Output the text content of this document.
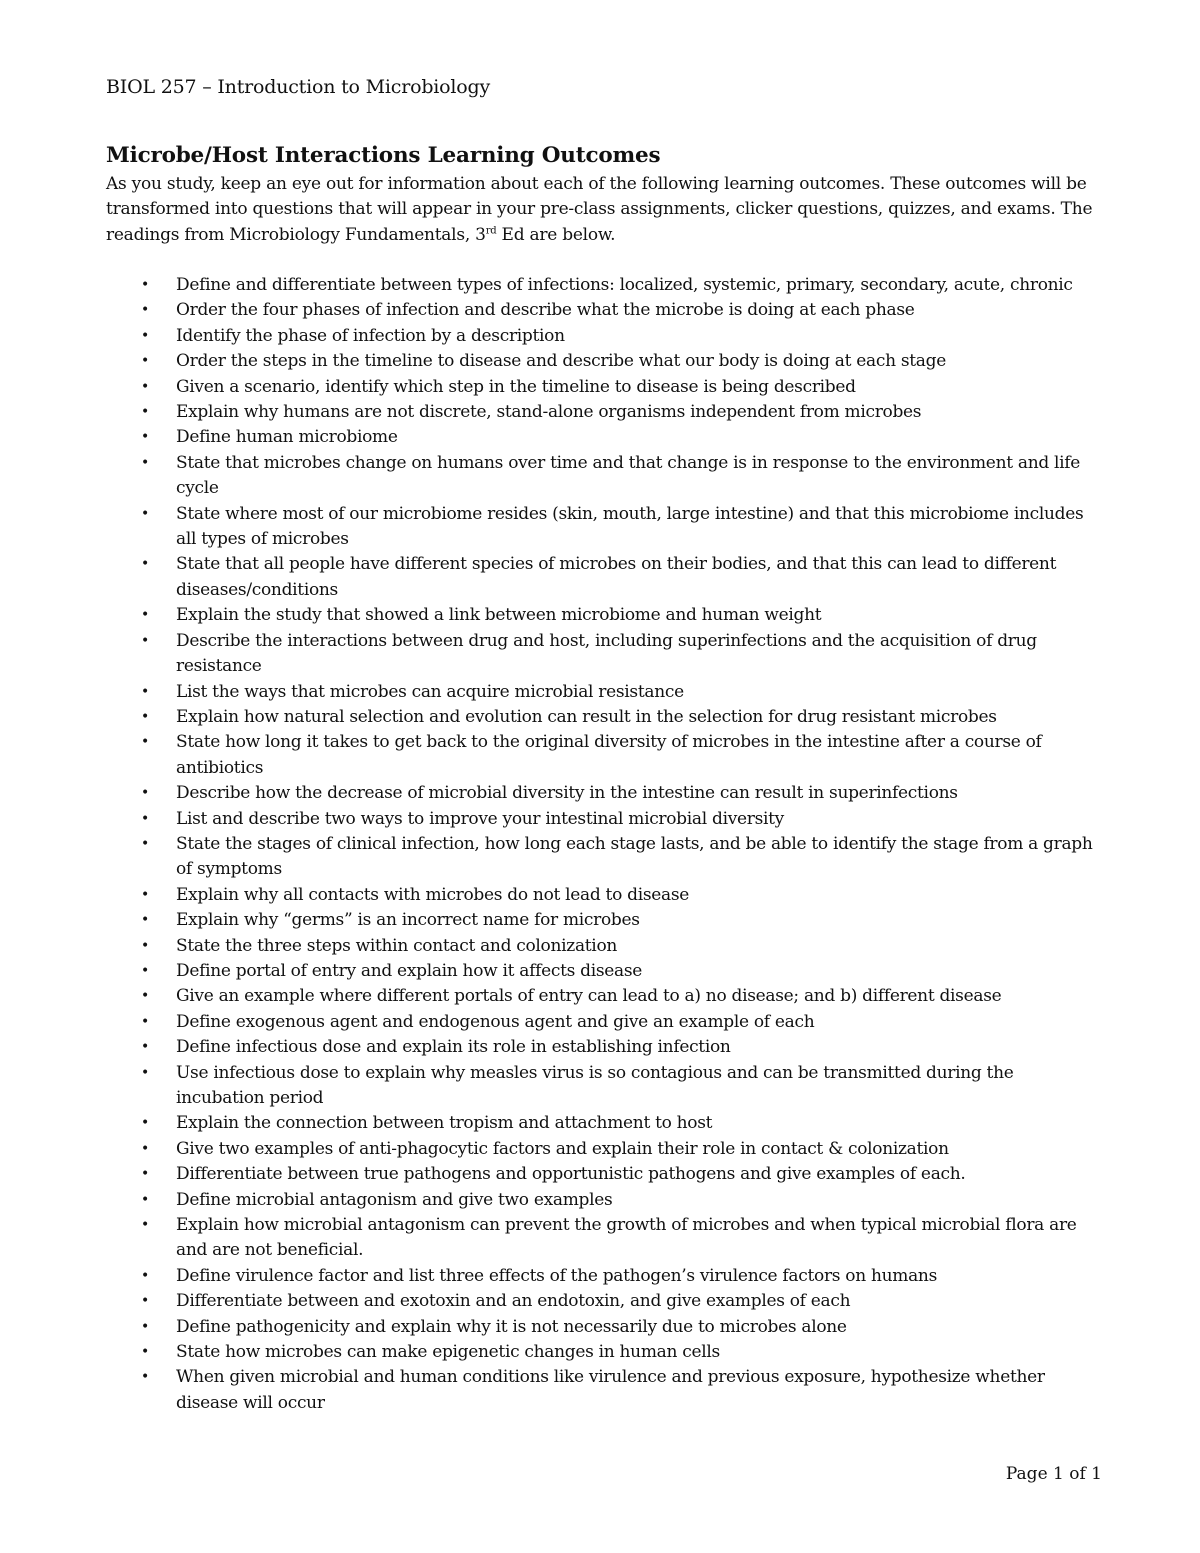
BIOL 257 – Introduction to Microbiology
Microbe/Host Interactions Learning Outcomes

As you study, keep an eye out for information about each of the following learning outcomes. These outcomes will be transformed into questions that will appear in your pre-class assignments, clicker questions, quizzes, and exams. The readings from Microbiology Fundamentals, 3rd Ed are below.

• Define and differentiate between types of infections: localized, systemic, primary, secondary, acute, chronic
• Order the four phases of infection and describe what the microbe is doing at each phase
• Identify the phase of infection by a description
• Order the steps in the timeline to disease and describe what our body is doing at each stage
• Given a scenario, identify which step in the timeline to disease is being described
• Explain why humans are not discrete, stand-alone organisms independent from microbes
• Define human microbiome
• State that microbes change on humans over time and that change is in response to the environment and life cycle
• State where most of our microbiome resides (skin, mouth, large intestine) and that this microbiome includes all types of microbes
• State that all people have different species of microbes on their bodies, and that this can lead to different diseases/conditions
• Explain the study that showed a link between microbiome and human weight
• Describe the interactions between drug and host, including superinfections and the acquisition of drug resistance
• List the ways that microbes can acquire microbial resistance
• Explain how natural selection and evolution can result in the selection for drug resistant microbes
• State how long it takes to get back to the original diversity of microbes in the intestine after a course of antibiotics
• Describe how the decrease of microbial diversity in the intestine can result in superinfections
• List and describe two ways to improve your intestinal microbial diversity
• State the stages of clinical infection, how long each stage lasts, and be able to identify the stage from a graph of symptoms
• Explain why all contacts with microbes do not lead to disease
• Explain why “germs” is an incorrect name for microbes
• State the three steps within contact and colonization
• Define portal of entry and explain how it affects disease
• Give an example where different portals of entry can lead to a) no disease; and b) different disease
• Define exogenous agent and endogenous agent and give an example of each
• Define infectious dose and explain its role in establishing infection
• Use infectious dose to explain why measles virus is so contagious and can be transmitted during the incubation period
• Explain the connection between tropism and attachment to host
• Give two examples of anti-phagocytic factors and explain their role in contact & colonization
• Differentiate between true pathogens and opportunistic pathogens and give examples of each.
• Define microbial antagonism and give two examples
• Explain how microbial antagonism can prevent the growth of microbes and when typical microbial flora are and are not beneficial.
• Define virulence factor and list three effects of the pathogen’s virulence factors on humans
• Differentiate between and exotoxin and an endotoxin, and give examples of each
• Define pathogenicity and explain why it is not necessarily due to microbes alone
• State how microbes can make epigenetic changes in human cells
• When given microbial and human conditions like virulence and previous exposure, hypothesize whether disease will occur
Page 1 of 1
